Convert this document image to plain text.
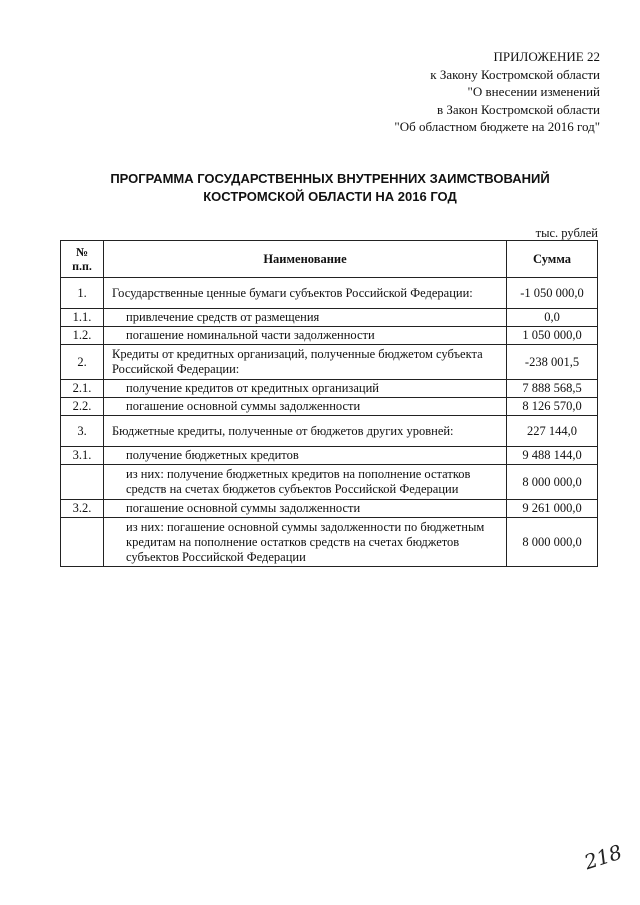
ПРИЛОЖЕНИЕ 22
к Закону Костромской области
"О внесении изменений
в Закон Костромской области
"Об областном бюджете на 2016 год"
ПРОГРАММА ГОСУДАРСТВЕННЫХ ВНУТРЕННИХ ЗАИМСТВОВАНИЙ
КОСТРОМСКОЙ ОБЛАСТИ НА 2016 ГОД
тыс. рублей
№ п.п.	Наименование	Сумма
1.	Государственные ценные бумаги субъектов Российской Федерации:	-1 050 000,0
1.1.	привлечение средств от размещения	0,0
1.2.	погашение номинальной части задолженности	1 050 000,0
2.	Кредиты от кредитных организаций, полученные бюджетом субъекта Российской Федерации:	-238 001,5
2.1.	получение кредитов от кредитных организаций	7 888 568,5
2.2.	погашение основной суммы задолженности	8 126 570,0
3.	Бюджетные кредиты, полученные от бюджетов других уровней:	227 144,0
3.1.	получение бюджетных кредитов	9 488 144,0
	из них: получение бюджетных кредитов на пополнение остатков средств на счетах бюджетов субъектов Российской Федерации	8 000 000,0
3.2.	погашение основной суммы задолженности	9 261 000,0
	из них: погашение основной суммы задолженности по бюджетным кредитам на пополнение остатков средств на счетах бюджетов субъектов Российской Федерации	8 000 000,0
218
